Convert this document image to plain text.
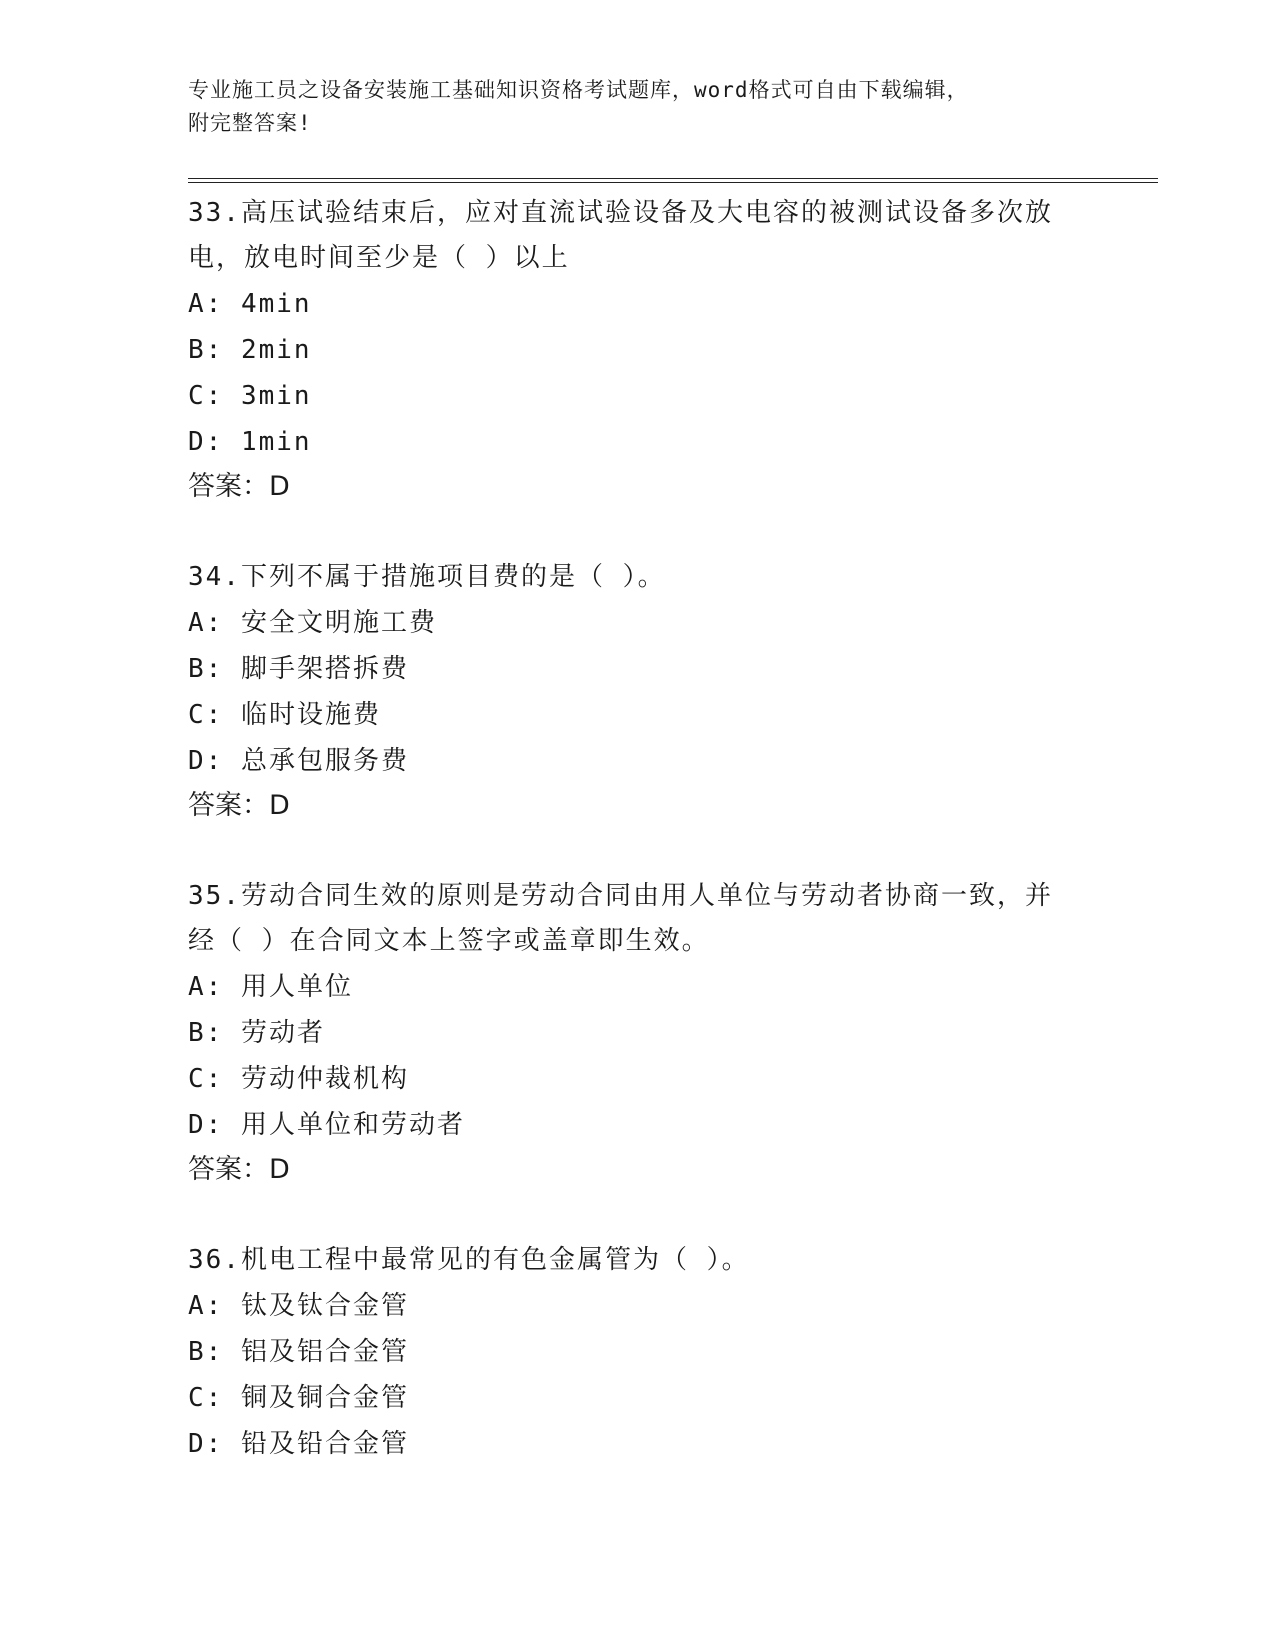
专业施工员之设备安装施工基础知识资格考试题库，word格式可自由下载编辑，
附完整答案!
33.高压试验结束后，应对直流试验设备及大电容的被测试设备多次放
电，放电时间至少是（ ）以上
A: 4min
B: 2min
C: 3min
D: 1min
答案：D
34.下列不属于措施项目费的是（ ）。
A: 安全文明施工费
B: 脚手架搭拆费
C: 临时设施费
D: 总承包服务费
答案：D
35.劳动合同生效的原则是劳动合同由用人单位与劳动者协商一致，并
经（ ）在合同文本上签字或盖章即生效。
A: 用人单位
B: 劳动者
C: 劳动仲裁机构
D: 用人单位和劳动者
答案：D
36.机电工程中最常见的有色金属管为（ ）。
A: 钛及钛合金管
B: 铝及铝合金管
C: 铜及铜合金管
D: 铅及铅合金管
